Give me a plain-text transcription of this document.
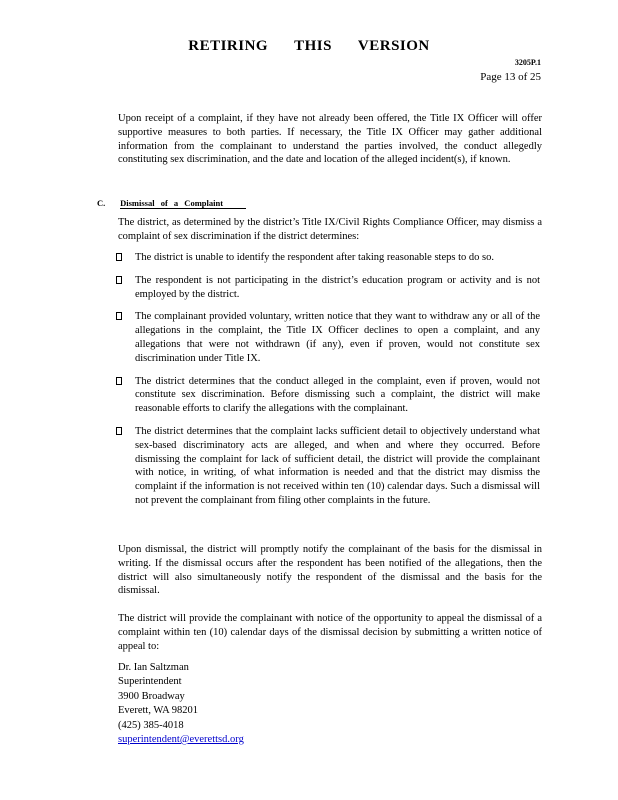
RETIRING THIS VERSION
3205P.1
Page 13 of 25
Upon receipt of a complaint, if they have not already been offered, the Title IX Officer will offer supportive measures to both parties. If necessary, the Title IX Officer may gather additional information from the complainant to understand the parties involved, the conduct allegedly constituting sex discrimination, and the date and location of the alleged incident(s), if known.
C. Dismissal of a Complaint
The district, as determined by the district’s Title IX/Civil Rights Compliance Officer, may dismiss a complaint of sex discrimination if the district determines:
The district is unable to identify the respondent after taking reasonable steps to do so.
The respondent is not participating in the district’s education program or activity and is not employed by the district.
The complainant provided voluntary, written notice that they want to withdraw any or all of the allegations in the complaint, the Title IX Officer declines to open a complaint, and any allegations that were not withdrawn (if any), even if proven, would not constitute sex discrimination under Title IX.
The district determines that the conduct alleged in the complaint, even if proven, would not constitute sex discrimination. Before dismissing such a complaint, the district will make reasonable efforts to clarify the allegations with the complainant.
The district determines that the complaint lacks sufficient detail to objectively understand what sex-based discriminatory acts are alleged, and when and where they occurred. Before dismissing the complaint for lack of sufficient detail, the district will provide the complainant with notice, in writing, of what information is needed and that the district may dismiss the complaint if the information is not received within ten (10) calendar days. Such a dismissal will not prevent the complainant from filing other complaints in the future.
Upon dismissal, the district will promptly notify the complainant of the basis for the dismissal in writing. If the dismissal occurs after the respondent has been notified of the allegations, then the district will also simultaneously notify the respondent of the dismissal and the basis for the dismissal.
The district will provide the complainant with notice of the opportunity to appeal the dismissal of a complaint within ten (10) calendar days of the dismissal decision by submitting a written notice of appeal to:
Dr. Ian Saltzman
Superintendent
3900 Broadway
Everett, WA 98201
(425) 385-4018
superintendent@everettsd.org
